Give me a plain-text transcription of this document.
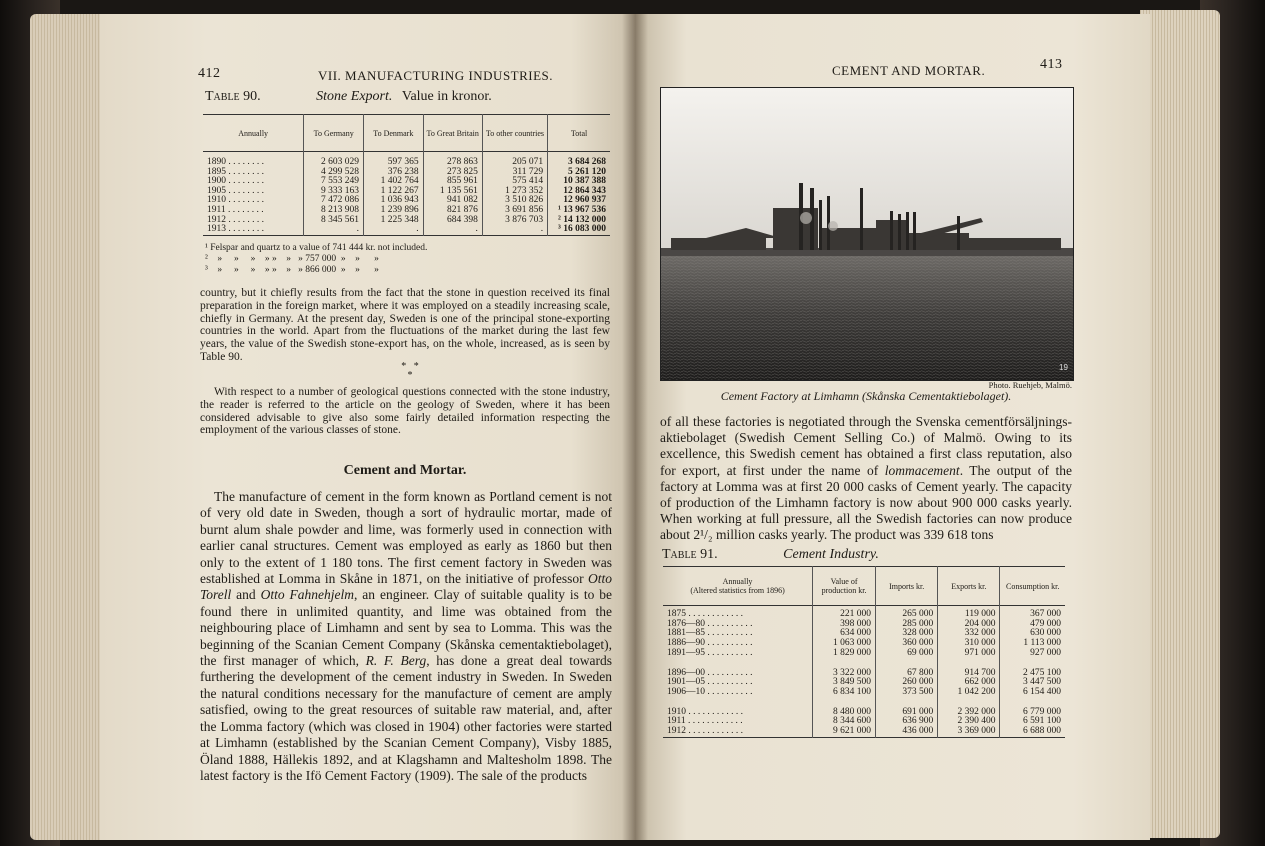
412	VII. MANUFACTURING INDUSTRIES.
Table 90.	Stone Export. Value in kronor.
Annually	To Germany	To Denmark	To Great Britain	To other countries	Total
1890 . . . . . . . .	2 603 029	597 365	278 863	205 071	3 684 268
1895 . . . . . . . .	4 299 528	376 238	273 825	311 729	5 261 120
1900 . . . . . . . .	7 553 249	1 402 764	855 961	575 414	10 387 388
1905 . . . . . . . .	9 333 163	1 122 267	1 135 561	1 273 352	12 864 343
1910 . . . . . . . .	7 472 086	1 036 943	941 082	3 510 826	12 960 937
1911 . . . . . . . .	8 213 908	1 239 896	821 876	3 691 856	¹ 13 967 536
1912 . . . . . . . .	8 345 561	1 225 348	684 398	3 876 703	² 14 132 000
1913 . . . . . . . .	.	.	.	.	³ 16 083 000
¹ Felspar and quartz to a value of 741 444 kr. not included.
²    »     »     »    » »    »   » 757 000  »    »      »
³    »     »     »    » »    »   » 866 000  »    »      »
country, but it chiefly results from the fact that the stone in question received its final preparation in the foreign market, where it was employed on a steadily increasing scale, chiefly in Germany. At the present day, Sweden is one of the principal stone-exporting countries in the world. Apart from the fluctuations of the market during the last few years, the value of the Swedish stone-export has, on the whole, increased, as is seen by Table 90.
*   *
*
With respect to a number of geological questions connected with the stone industry, the reader is referred to the article on the geology of Sweden, where it has been considered advisable to give also some fairly detailed information respecting the employment of the various classes of stone.
Cement and Mortar.
The manufacture of cement in the form known as Portland cement is not of very old date in Sweden, though a sort of hydraulic mortar, made of burnt alum shale powder and lime, was formerly used in connection with earlier canal structures. Cement was employed as early as 1860 but then only to the extent of 1 180 tons. The first cement factory in Sweden was established at Lomma in Skåne in 1871, on the initiative of professor Otto Torell and Otto Fahnehjelm, an engineer. Clay of suitable quality is to be found there in unlimited quantity, and lime was obtained from the neighbouring place of Limhamn and sent by sea to Lomma. This was the beginning of the Scanian Cement Company (Skånska cementaktiebolaget), the first manager of which, R. F. Berg, has done a great deal towards furthering the development of the cement industry in Sweden. In Sweden the natural conditions necessary for the manufacture of cement are amply satisfied, owing to the great resources of suitable raw material, and, after the Lomma factory (which was closed in 1904) other factories were started at Limhamn (established by the Scanian Cement Company), Visby 1885, Öland 1888, Hällekis 1892, and at Klagshamn and Maltesholm 1898. The latest factory is the Ifö Cement Factory (1909). The sale of the products
CEMENT AND MORTAR.	413
19
Photo. Ruehjeb, Malmö.
Cement Factory at Limhamn (Skånska Cementaktiebolaget).
of all these factories is negotiated through the Svenska cementförsäljnings-aktiebolaget (Swedish Cement Selling Co.) of Malmö. Owing to its excellence, this Swedish cement has obtained a first class reputation, also for export, at first under the name of lommacement. The output of the factory at Lomma was at first 20 000 casks of Cement yearly. The capacity of production of the Limhamn factory is now about 900 000 casks yearly. When working at full pressure, all the Swedish factories can now produce about 2¹/₂ million casks yearly. The product was 339 618 tons
Table 91.	Cement Industry.
Annually
(Altered statistics from 1896)	Value of production kr.	Imports kr.	Exports kr.	Consumption kr.
1875 . . . . . . . . . . . .	221 000	265 000	119 000	367 000
1876—80 . . . . . . . . . .	398 000	285 000	204 000	479 000
1881—85 . . . . . . . . . .	634 000	328 000	332 000	630 000
1886—90 . . . . . . . . . .	1 063 000	360 000	310 000	1 113 000
1891—95 . . . . . . . . . .	1 829 000	69 000	971 000	927 000

1896—00 . . . . . . . . . .	3 322 000	67 800	914 700	2 475 100
1901—05 . . . . . . . . . .	3 849 500	260 000	662 000	3 447 500
1906—10 . . . . . . . . . .	6 834 100	373 500	1 042 200	6 154 400

1910 . . . . . . . . . . . .	8 480 000	691 000	2 392 000	6 779 000
1911 . . . . . . . . . . . .	8 344 600	636 900	2 390 400	6 591 100
1912 . . . . . . . . . . . .	9 621 000	436 000	3 369 000	6 688 000
